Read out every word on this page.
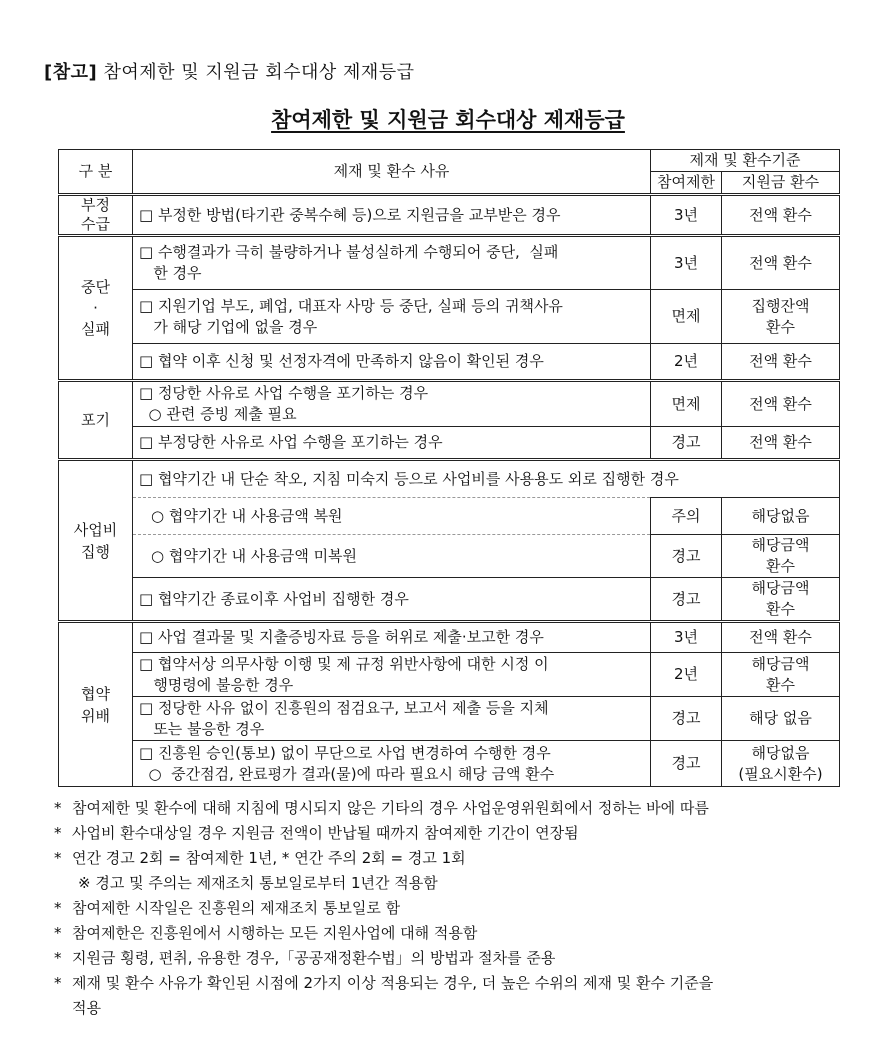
[참고] 참여제한 및 지원금 회수대상 제재등급
참여제한 및 지원금 회수대상 제재등급
구 분	제재 및 환수 사유	제재 및 환수기준	
		참여제한	지원금 환수
부정
수급	□ 부정한 방법(타기관 중복수혜 등)으로 지원금을 교부받은 경우	3년	전액 환수
중단
·
실패	□ 수행결과가 극히 불량하거나 불성실하게 수행되어 중단,  실패
한 경우	3년	전액 환수
	□ 지원기업 부도, 폐업, 대표자 사망 등 중단, 실패 등의 귀책사유
가 해당 기업에 없을 경우	면제	집행잔액
환수
	□ 협약 이후 신청 및 선정자격에 만족하지 않음이 확인된 경우	2년	전액 환수
포기	□ 정당한 사유로 사업 수행을 포기하는 경우
○ 관련 증빙 제출 필요	면제	전액 환수
	□ 부정당한 사유로 사업 수행을 포기하는 경우	경고	전액 환수
사업비
집행	□ 협약기간 내 단순 착오, 지침 미숙지 등으로 사업비를 사용용도 외로 집행한 경우		
	○ 협약기간 내 사용금액 복원	주의	해당없음
	○ 협약기간 내 사용금액 미복원	경고	해당금액
환수
	□ 협약기간 종료이후 사업비 집행한 경우	경고	해당금액
환수
협약
위배	□ 사업 결과물 및 지출증빙자료 등을 허위로 제출·보고한 경우	3년	전액 환수
	□ 협약서상 의무사항 이행 및 제 규정 위반사항에 대한 시정 이
행명령에 불응한 경우	2년	해당금액
환수
	□ 정당한 사유 없이 진흥원의 점검요구, 보고서 제출 등을 지체
또는 불응한 경우	경고	해당 없음
	□ 진흥원 승인(통보) 없이 무단으로 사업 변경하여 수행한 경우
○  중간점검, 완료평가 결과(물)에 따라 필요시 해당 금액 환수	경고	해당없음
(필요시환수)
* 참여제한 및 환수에 대해 지침에 명시되지 않은 기타의 경우 사업운영위원회에서 정하는 바에 따름
* 사업비 환수대상일 경우 지원금 전액이 반납될 때까지 참여제한 기간이 연장됨
* 연간 경고 2회 = 참여제한 1년, * 연간 주의 2회 = 경고 1회
※ 경고 및 주의는 제재조치 통보일로부터 1년간 적용함
* 참여제한 시작일은 진흥원의 제재조치 통보일로 함
* 참여제한은 진흥원에서 시행하는 모든 지원사업에 대해 적용함
* 지원금 횡령, 편취, 유용한 경우,「공공재정환수법」의 방법과 절차를 준용
* 제재 및 환수 사유가 확인된 시점에 2가지 이상 적용되는 경우, 더 높은 수위의 제재 및 환수 기준을
적용
